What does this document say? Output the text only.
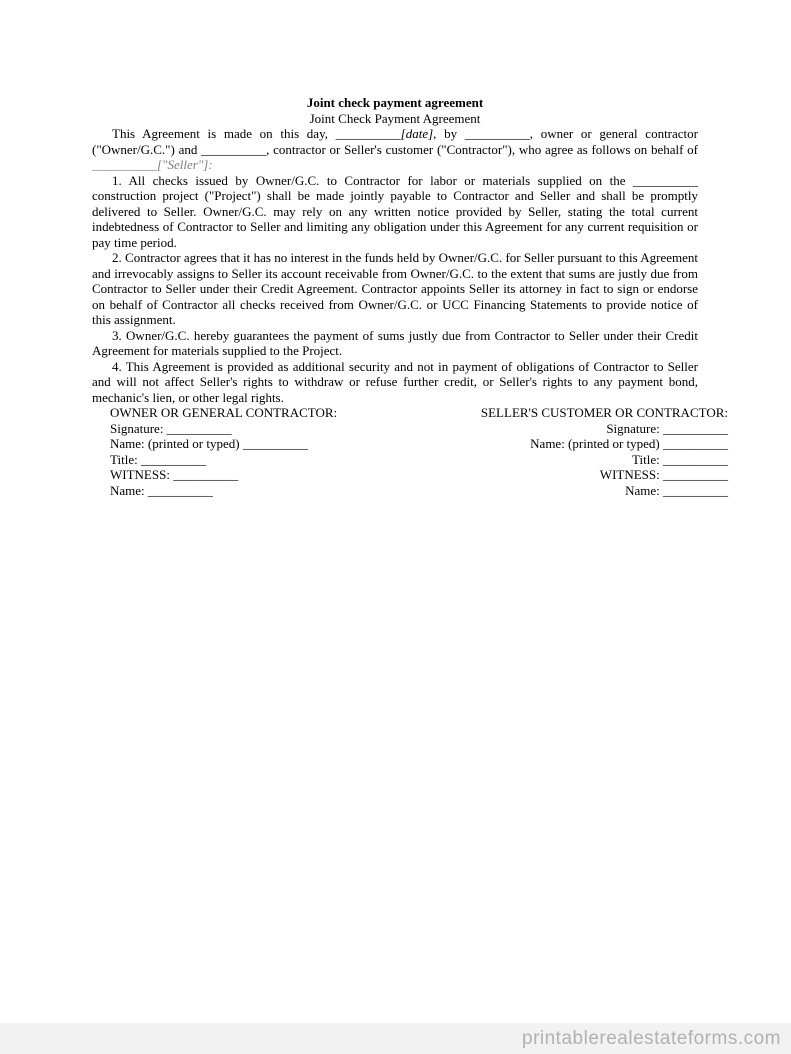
Joint check payment agreement
Joint Check Payment Agreement

This Agreement is made on this day, __________[date], by __________, owner or general contractor ("Owner/G.C.") and __________, contractor or Seller's customer ("Contractor"), who agree as follows on behalf of __________["Seller"]:

1. All checks issued by Owner/G.C. to Contractor for labor or materials supplied on the __________ construction project ("Project") shall be made jointly payable to Contractor and Seller and shall be promptly delivered to Seller. Owner/G.C. may rely on any written notice provided by Seller, stating the total current indebtedness of Contractor to Seller and limiting any obligation under this Agreement for any current requisition or pay time period.

2. Contractor agrees that it has no interest in the funds held by Owner/G.C. for Seller pursuant to this Agreement and irrevocably assigns to Seller its account receivable from Owner/G.C. to the extent that sums are justly due from Contractor to Seller under their Credit Agreement. Contractor appoints Seller its attorney in fact to sign or endorse on behalf of Contractor all checks received from Owner/G.C. or UCC Financing Statements to provide notice of this assignment.

3. Owner/G.C. hereby guarantees the payment of sums justly due from Contractor to Seller under their Credit Agreement for materials supplied to the Project.

4. This Agreement is provided as additional security and not in payment of obligations of Contractor to Seller and will not affect Seller's rights to withdraw or refuse further credit, or Seller's rights to any payment bond, mechanic's lien, or other legal rights.

OWNER OR GENERAL CONTRACTOR:
Signature: __________
Name: (printed or typed) __________
Title: __________
WITNESS: __________
Name: __________
SELLER'S CUSTOMER OR CONTRACTOR:
Signature: __________
Name: (printed or typed) __________
Title: __________
WITNESS: __________
Name: __________
printablerealestateforms.com
